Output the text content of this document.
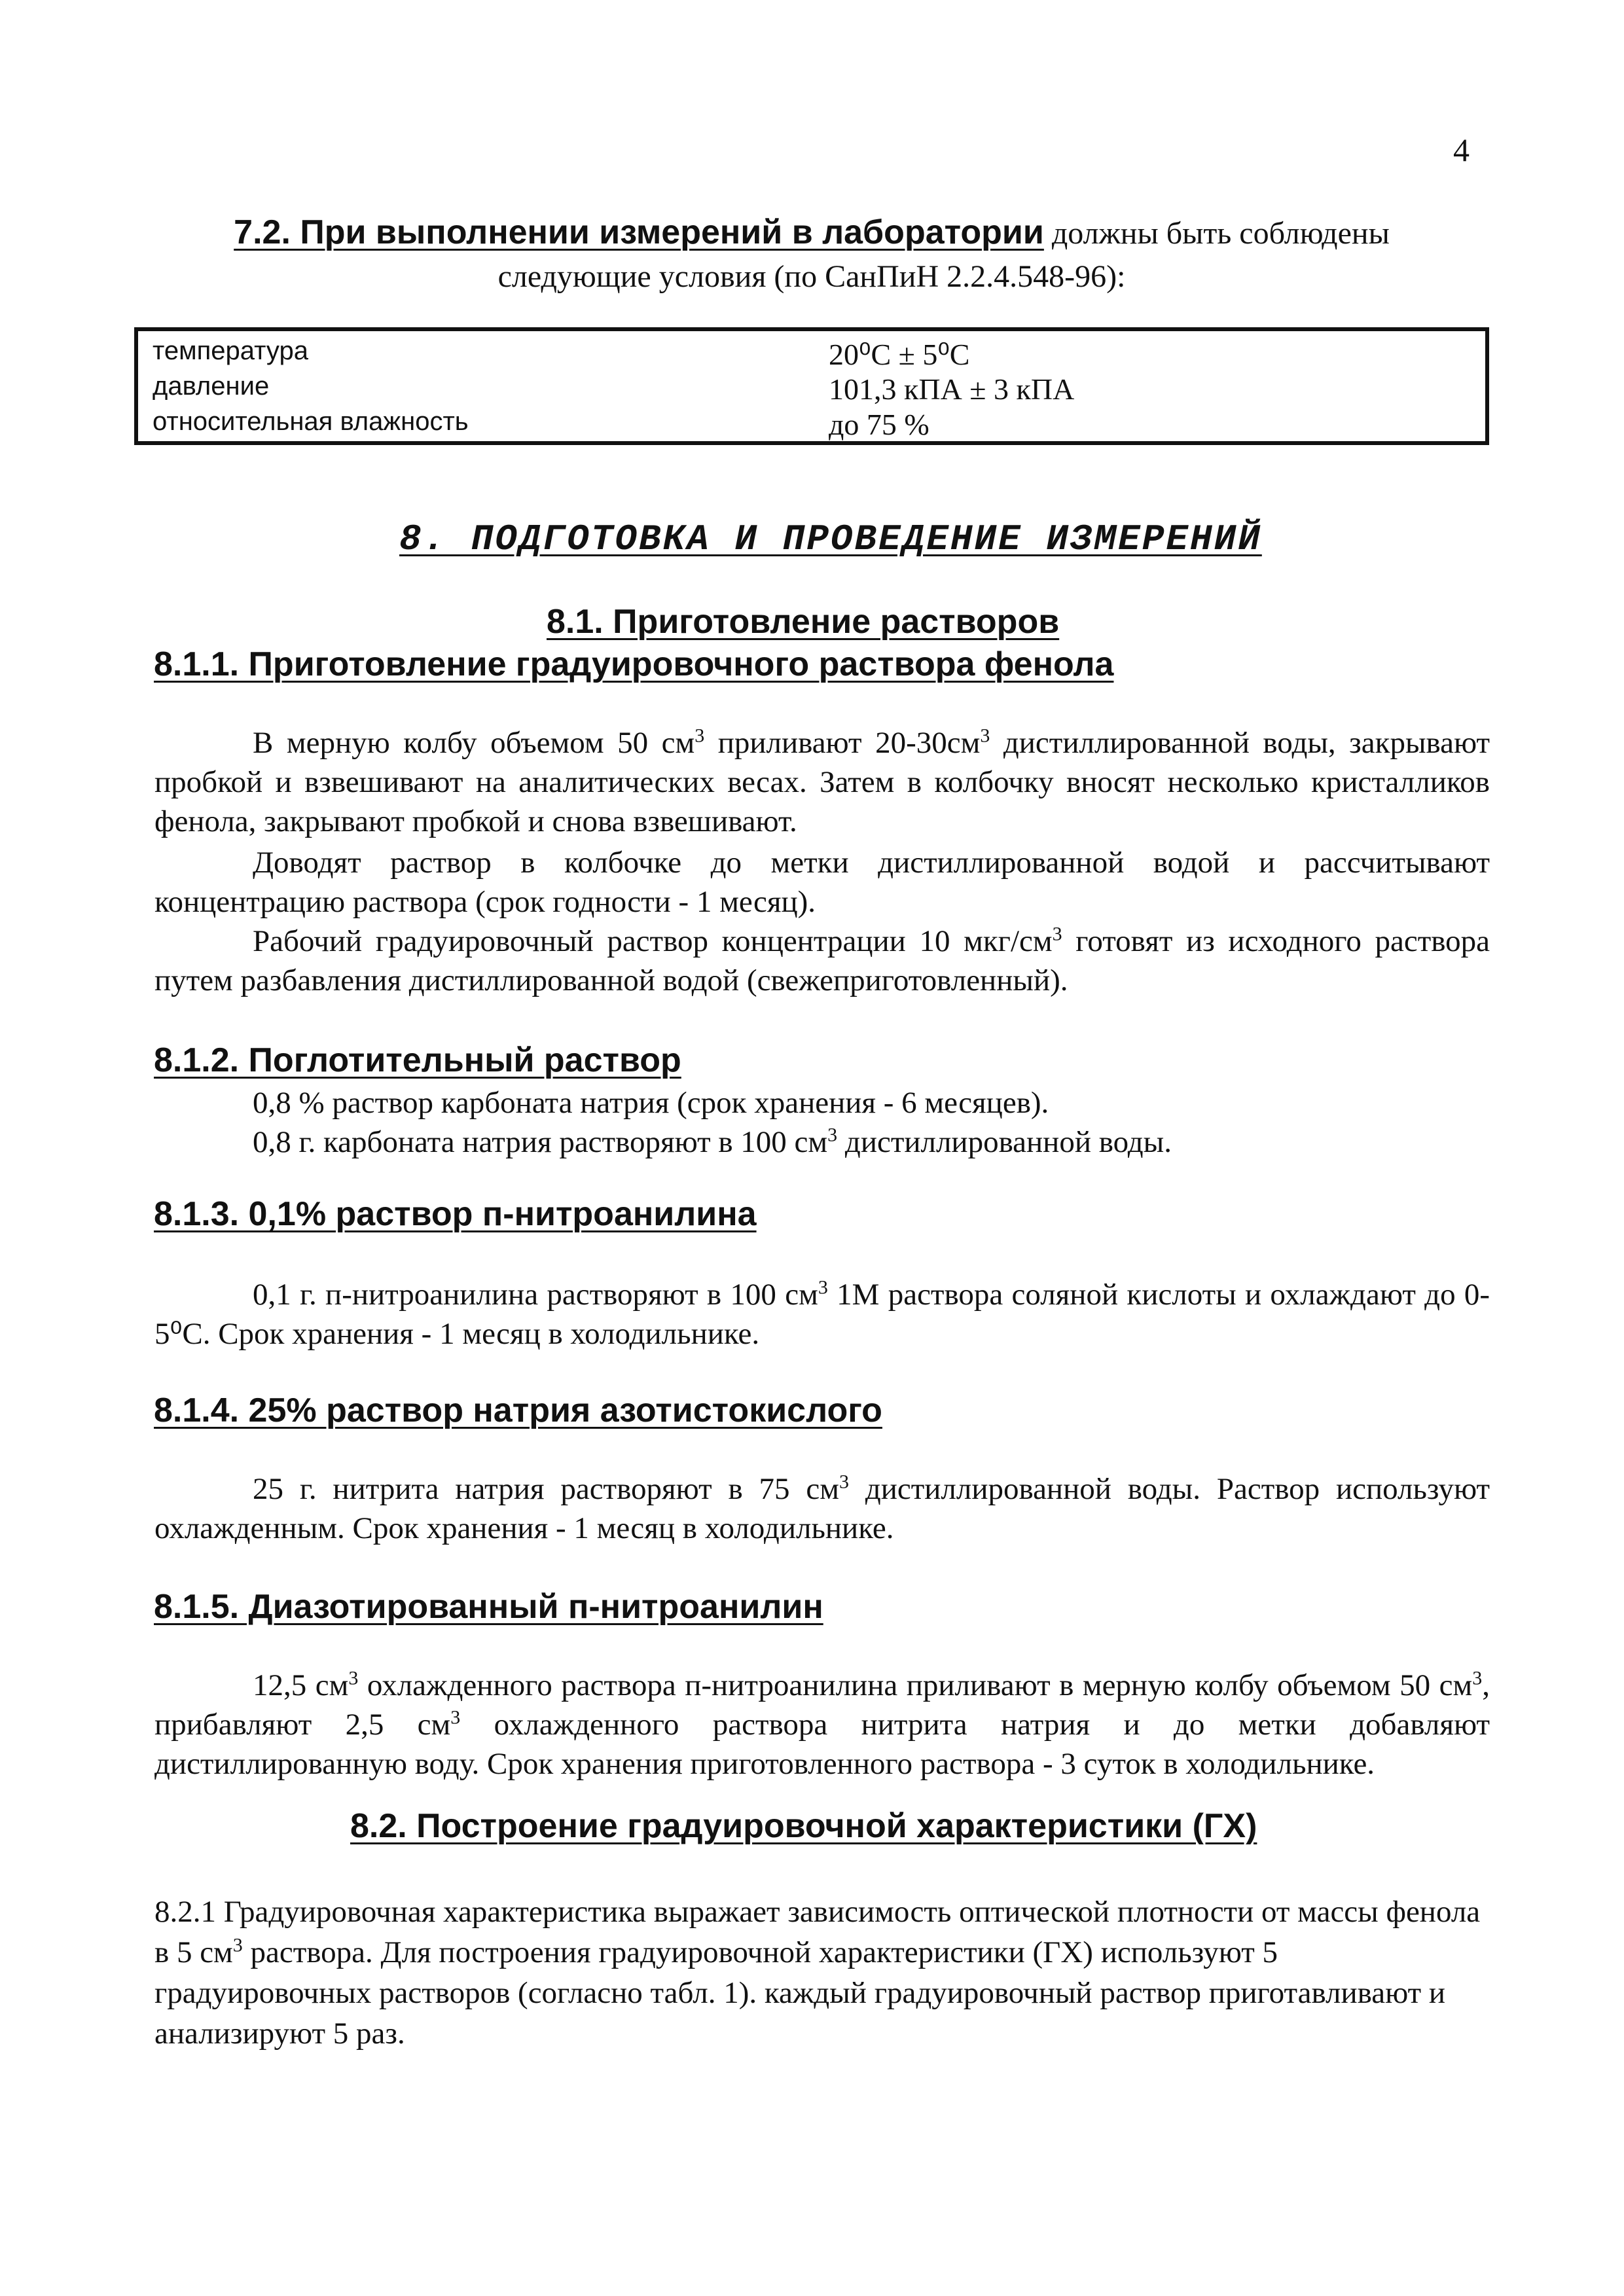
4
7.2. При выполнении измерений в лаборатории должны быть соблюдены
следующие условия (по СанПиН 2.2.4.548-96):
температура	20⁰С ± 5⁰С
давление	101,3 кПА ± 3 кПА
относительная влажность	до 75 %
8. ПОДГОТОВКА И ПРОВЕДЕНИЕ ИЗМЕРЕНИЙ
8.1. Приготовление растворов
8.1.1. Приготовление градуировочного раствора фенола
В мерную колбу объемом 50 $см^3$ приливают $20-30см^3$ дистиллированной воды, закрывают пробкой и взвешивают на аналитических весах. Затем в колбочку вносят несколько кристалликов фенола, закрывают пробкой и снова взвешивают.
Доводят раствор в колбочке до метки дистиллированной водой и рассчитывают концентрацию раствора (срок годности - 1 месяц).
Рабочий градуировочный раствор концентрации 10 мкг/$см^3$ готовят из исходного раствора путем разбавления дистиллированной водой (свежеприготовленный).
8.1.2. Поглотительный раствор
0,8 % раствор карбоната натрия (срок хранения - 6 месяцев).
0,8 г. карбоната натрия растворяют в 100 $см^3$ дистиллированной воды.
8.1.3. 0,1% раствор п-нитроанилина
0,1 г. п-нитроанилина растворяют в 100 $см^3$ 1М раствора соляной кислоты и охлаждают до 0-5⁰С. Срок хранения - 1 месяц в холодильнике.
8.1.4. 25% раствор натрия азотистокислого
25 г. нитрита натрия растворяют в 75 $см^3$ дистиллированной воды. Раствор используют охлажденным. Срок хранения - 1 месяц в холодильнике.
8.1.5. Диазотированный п-нитроанилин
12,5 $см^3$ охлажденного раствора п-нитроанилина приливают в мерную колбу объемом 50 $см^3$, прибавляют 2,5 $см^3$ охлажденного раствора нитрита натрия и до метки добавляют дистиллированную воду. Срок хранения приготовленного раствора - 3 суток в холодильнике.
8.2. Построение градуировочной характеристики (ГХ)
8.2.1 Градуировочная характеристика выражает зависимость оптической плотности от массы фенола в 5 $см^3$ раствора. Для построения градуировочной характеристики (ГХ) используют 5 градуировочных растворов (согласно табл. 1). каждый градуировочный раствор приготавливают и анализируют 5 раз.
